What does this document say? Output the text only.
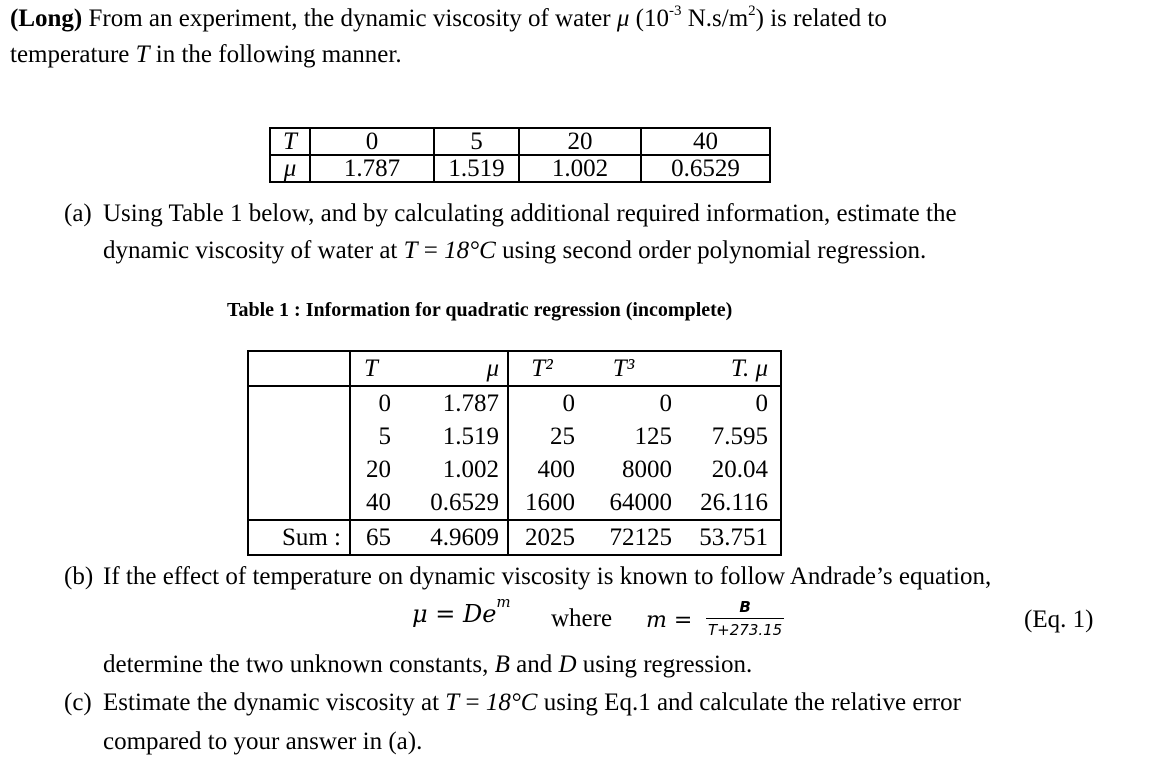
(Long) From an experiment, the dynamic viscosity of water μ ($10^{-3}$ $N.s/m^2$) is related to
temperature T in the following manner.
T	0	5	20	40
μ	1.787	1.519	1.002	0.6529
(a) Using Table 1 below, and by calculating additional required information, estimate the
dynamic viscosity of water at T = 18°C using second order polynomial regression.
Table 1 : Information for quadratic regression (incomplete)
	T	μ	T²	T³	T. μ
	0	1.787	0	0	0
	5	1.519	25	125	7.595
	20	1.002	400	8000	20.04
	40	0.6529	1600	64000	26.116
Sum :	65	4.9609	2025	72125	53.751
(b) If the effect of temperature on dynamic viscosity is known to follow Andrade’s equation,
$\mu = De^m$
where $m = \frac{B}{T+273.15}$	(Eq. 1)
determine the two unknown constants, B and D using regression.
(c) Estimate the dynamic viscosity at T = 18°C using Eq.1 and calculate the relative error
compared to your answer in (a).
